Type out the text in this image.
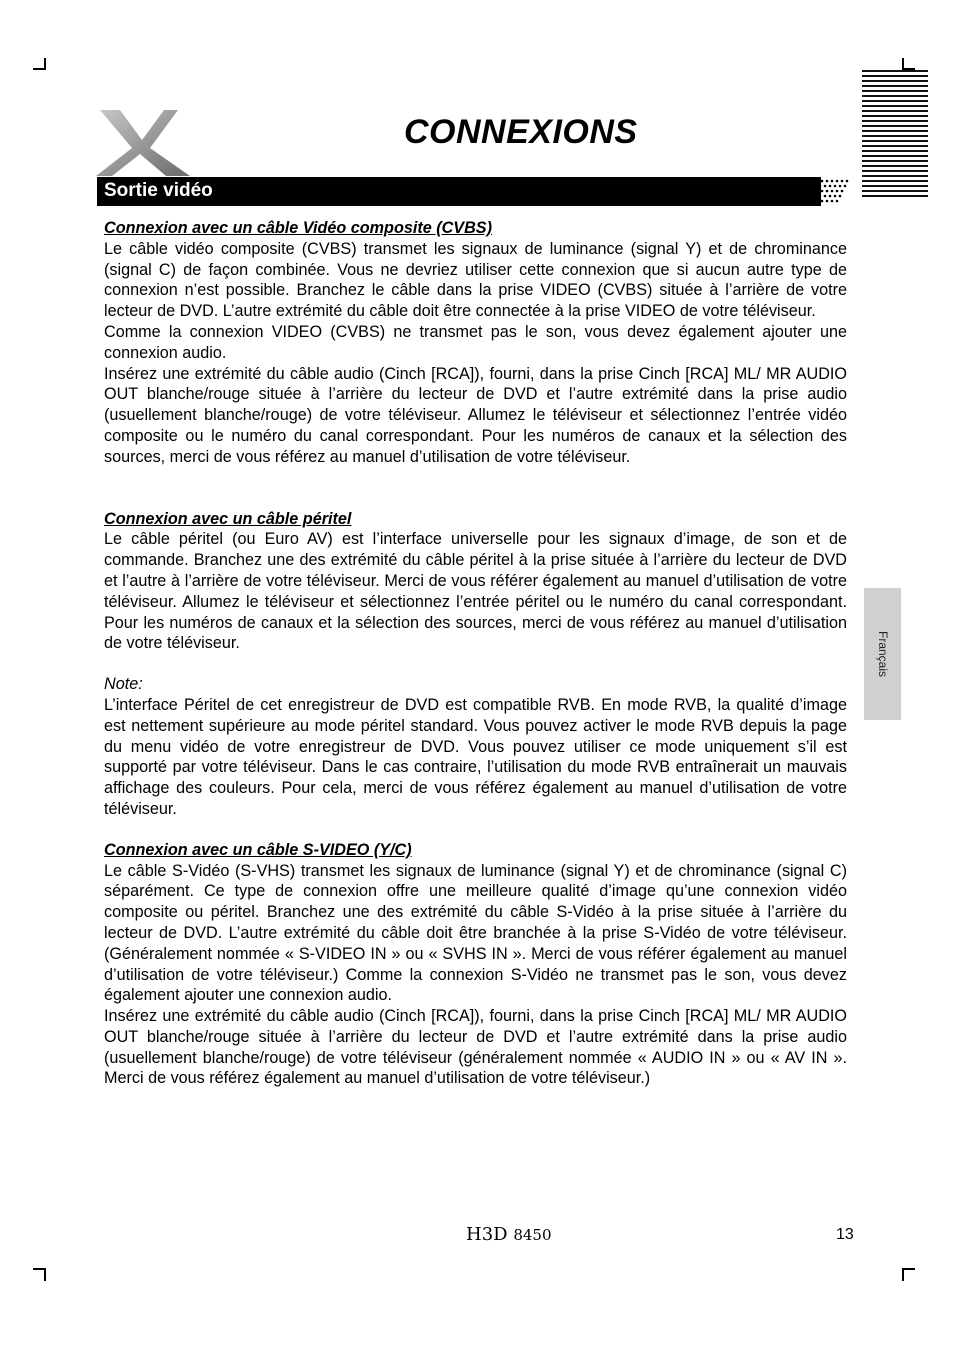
CONNEXIONS
Sortie vidéo

Connexion avec un câble Vidéo composite (CVBS)

Le câble vidéo composite (CVBS) transmet les signaux de luminance (signal Y) et de chrominance (signal C) de façon combinée. Vous ne devriez utiliser cette connexion que si aucun autre type de connexion n’est possible. Branchez le câble dans la prise VIDEO (CVBS) située à l’arrière de votre lecteur de DVD. L’autre extrémité du câble doit être connectée à la prise VIDEO de votre téléviseur.

Comme la connexion VIDEO (CVBS) ne transmet pas le son, vous devez également ajouter une connexion audio.

Insérez une extrémité du câble audio (Cinch [RCA]), fourni, dans la prise Cinch [RCA] ML/ MR AUDIO OUT blanche/rouge située à l’arrière du lecteur de DVD et l’autre extrémité dans la prise audio (usuellement blanche/rouge) de votre téléviseur. Allumez le téléviseur et sélectionnez l’entrée vidéo composite ou le numéro du canal correspondant. Pour les numéros de canaux et la sélection des sources, merci de vous référez au manuel d’utilisation de votre téléviseur.

Connexion avec un câble péritel

Le câble péritel (ou Euro AV) est l’interface universelle pour les signaux d’image, de son et de commande. Branchez une des extrémité du câble péritel à la prise située à l’arrière du lecteur de DVD et l’autre à l’arrière de votre téléviseur. Merci de vous référer également au manuel d’utilisation de votre téléviseur. Allumez le téléviseur et sélectionnez l’entrée péritel ou le numéro du canal correspondant. Pour les numéros de canaux et la sélection des sources, merci de vous référez au manuel d’utilisation de votre téléviseur.

Note:

L’interface Péritel de cet enregistreur de DVD est compatible RVB. En mode RVB, la qualité d’image est nettement supérieure au mode péritel standard. Vous pouvez activer le mode RVB depuis la page du menu vidéo de votre enregistreur de DVD. Vous pouvez utiliser ce mode uniquement s’il est supporté par votre téléviseur. Dans le cas contraire, l’utilisation du mode RVB entraînerait un mauvais affichage des couleurs. Pour cela, merci de vous référez également au manuel d’utilisation de votre téléviseur.

Connexion avec un câble S-VIDEO (Y/C)

Le câble S-Vidéo (S-VHS) transmet les signaux de luminance (signal Y) et de chrominance (signal C) séparément. Ce type de connexion offre une meilleure qualité d’image qu’une connexion vidéo composite ou péritel. Branchez une des extrémité du câble S-Vidéo à la prise située à l’arrière du lecteur de DVD. L’autre extrémité du câble doit être branchée à la prise S-Vidéo de votre téléviseur. (Généralement nommée « S-VIDEO IN » ou « SVHS IN ». Merci de vous référer également au manuel d’utilisation de votre téléviseur.) Comme la connexion S-Vidéo ne transmet pas le son, vous devez également ajouter une connexion audio.

Insérez une extrémité du câble audio (Cinch [RCA]), fourni, dans la prise Cinch [RCA] ML/ MR AUDIO OUT blanche/rouge située à l’arrière du lecteur de DVD et l’autre extrémité dans la prise audio (usuellement blanche/rouge) de votre téléviseur (généralement nommée « AUDIO IN » ou « AV IN ». Merci de vous référez également au manuel d’utilisation de votre téléviseur.)

Français
H3D 8450	13
